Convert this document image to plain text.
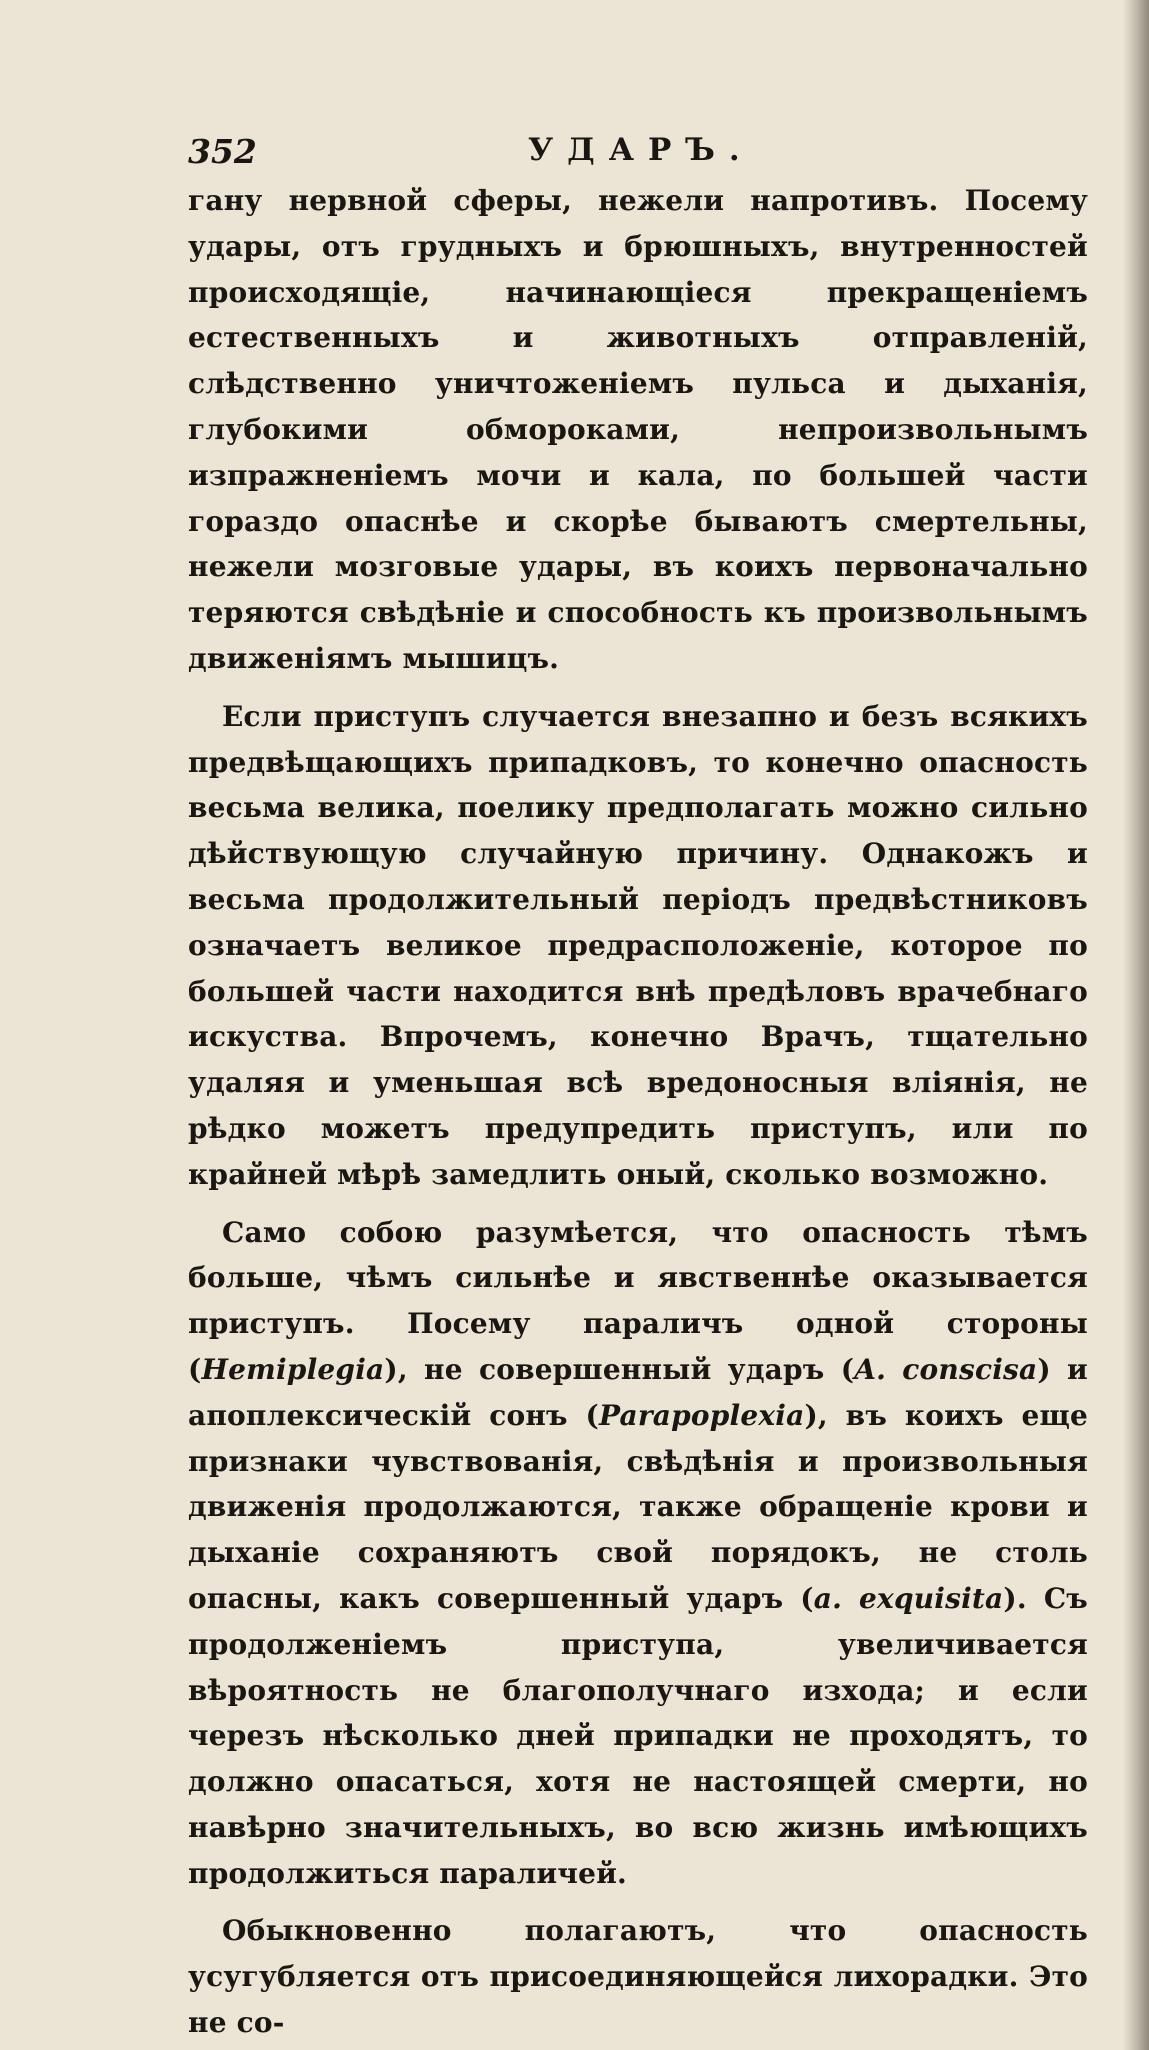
352	УДАРЪ.

гану нервной сферы, нежели напротивъ. Посему удары, отъ грудныхъ и брюшныхъ, внутренностей происходящіе, начинающіеся прекращеніемъ естественныхъ и животныхъ отправленій, слѣдственно уничтоженіемъ пульса и дыханія, глубокими обмороками, непроизвольнымъ изпражненіемъ мочи и кала, по большей части гораздо опаснѣе и скорѣе бываютъ смертельны, нежели мозговые удары, въ коихъ первоначально теряются свѣдѣніе и способность къ произвольнымъ движеніямъ мышицъ.

Если приступъ случается внезапно и безъ всякихъ предвѣщающихъ припадковъ, то конечно опасность весьма велика, поелику предполагать можно сильно дѣйствующую случайную причину. Однакожъ и весьма продолжительный періодъ предвѣстниковъ означаетъ великое предрасположеніе, которое по большей части находится внѣ предѣловъ врачебнаго искуства. Впрочемъ, конечно Врачъ, тщательно удаляя и уменьшая всѣ вредоносныя вліянія, не рѣдко можетъ предупредить приступъ, или по крайней мѣрѣ замедлить оный, сколько возможно.

Само собою разумѣется, что опасность тѣмъ больше, чѣмъ сильнѣе и явственнѣе оказывается приступъ. Посему параличъ одной стороны (Hemiplegia), не совершенный ударъ (A. conscisa) и апоплексическій сонъ (Parapoplexia), въ коихъ еще признаки чувствованія, свѣдѣнія и произвольныя движенія продолжаются, также обращеніе крови и дыханіе сохраняютъ свой порядокъ, не столь опасны, какъ совершенный ударъ (a. exquisita). Съ продолженіемъ приступа, увеличивается вѣроятность не благополучнаго изхода; и если черезъ нѣсколько дней припадки не проходятъ, то должно опасаться, хотя не настоящей смерти, но навѣрно значительныхъ, во всю жизнь имѣющихъ продолжиться параличей.

Обыкновенно полагаютъ, что опасность усугубляется отъ присоединяющейся лихорадки. Это не со-
